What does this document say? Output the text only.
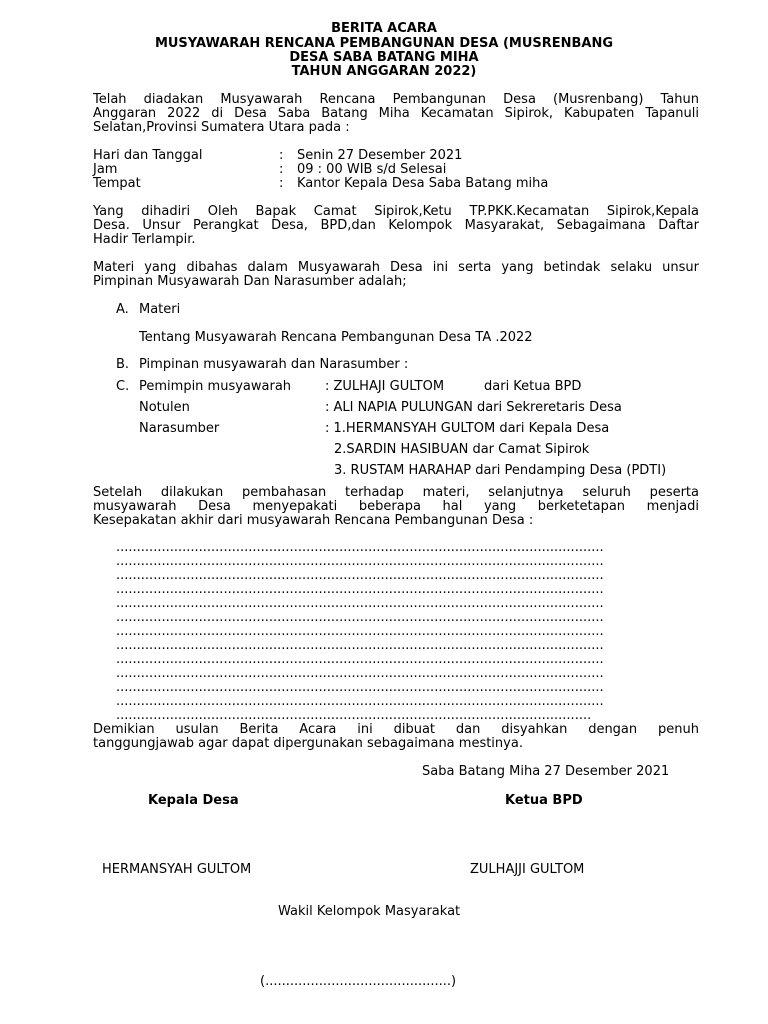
BERITA ACARA
MUSYAWARAH RENCANA PEMBANGUNAN DESA (MUSRENBANG
DESA SABA BATANG MIHA
TAHUN ANGGARAN 2022)
Telah diadakan Musyawarah Rencana Pembangunan Desa (Musrenbang) Tahun
Anggaran 2022 di Desa Saba Batang Miha Kecamatan Sipirok, Kabupaten Tapanuli
Selatan,Provinsi Sumatera Utara pada :
Hari dan Tanggal	: Senin 27 Desember 2021
Jam	: 09 : 00 WIB s/d Selesai
Tempat	: Kantor Kepala Desa Saba Batang miha
Yang dihadiri Oleh Bapak Camat Sipirok,Ketu TP.PKK.Kecamatan Sipirok,Kepala
Desa. Unsur Perangkat Desa, BPD,dan Kelompok Masyarakat, Sebagaimana Daftar
Hadir Terlampir.
Materi yang dibahas dalam Musyawarah Desa ini serta yang betindak selaku unsur
Pimpinan Musyawarah Dan Narasumber adalah;
A. Materi
Tentang Musyawarah Rencana Pembangunan Desa TA .2022
B. Pimpinan musyawarah dan Narasumber :
C. Pemimpin musyawarah	: ZULHAJI GULTOM	dari Ketua BPD
Notulen	: ALI NAPIA PULUNGAN dari Sekreretaris Desa
Narasumber	: 1.HERMANSYAH GULTOM dari Kepala Desa
2.SARDIN HASIBUAN dar Camat Sipirok
3. RUSTAM HARAHAP dari Pendamping Desa (PDTI)
Setelah dilakukan pembahasan terhadap materi, selanjutnya seluruh peserta
musyawarah Desa menyepakati beberapa hal yang berketetapan menjadi
Kesepakatan akhir dari musyawarah Rencana Pembangunan Desa :
......................................................................................................................
......................................................................................................................
......................................................................................................................
......................................................................................................................
......................................................................................................................
......................................................................................................................
......................................................................................................................
......................................................................................................................
......................................................................................................................
......................................................................................................................
......................................................................................................................
......................................................................................................................
...................................................................................................................
Demikian usulan Berita Acara ini dibuat dan disyahkan dengan penuh
tanggungjawab agar dapat dipergunakan sebagaimana mestinya.
Saba Batang Miha 27 Desember 2021
Kepala Desa	Ketua BPD
HERMANSYAH GULTOM	ZULHAJJI GULTOM
Wakil Kelompok Masyarakat
(.............................................)
